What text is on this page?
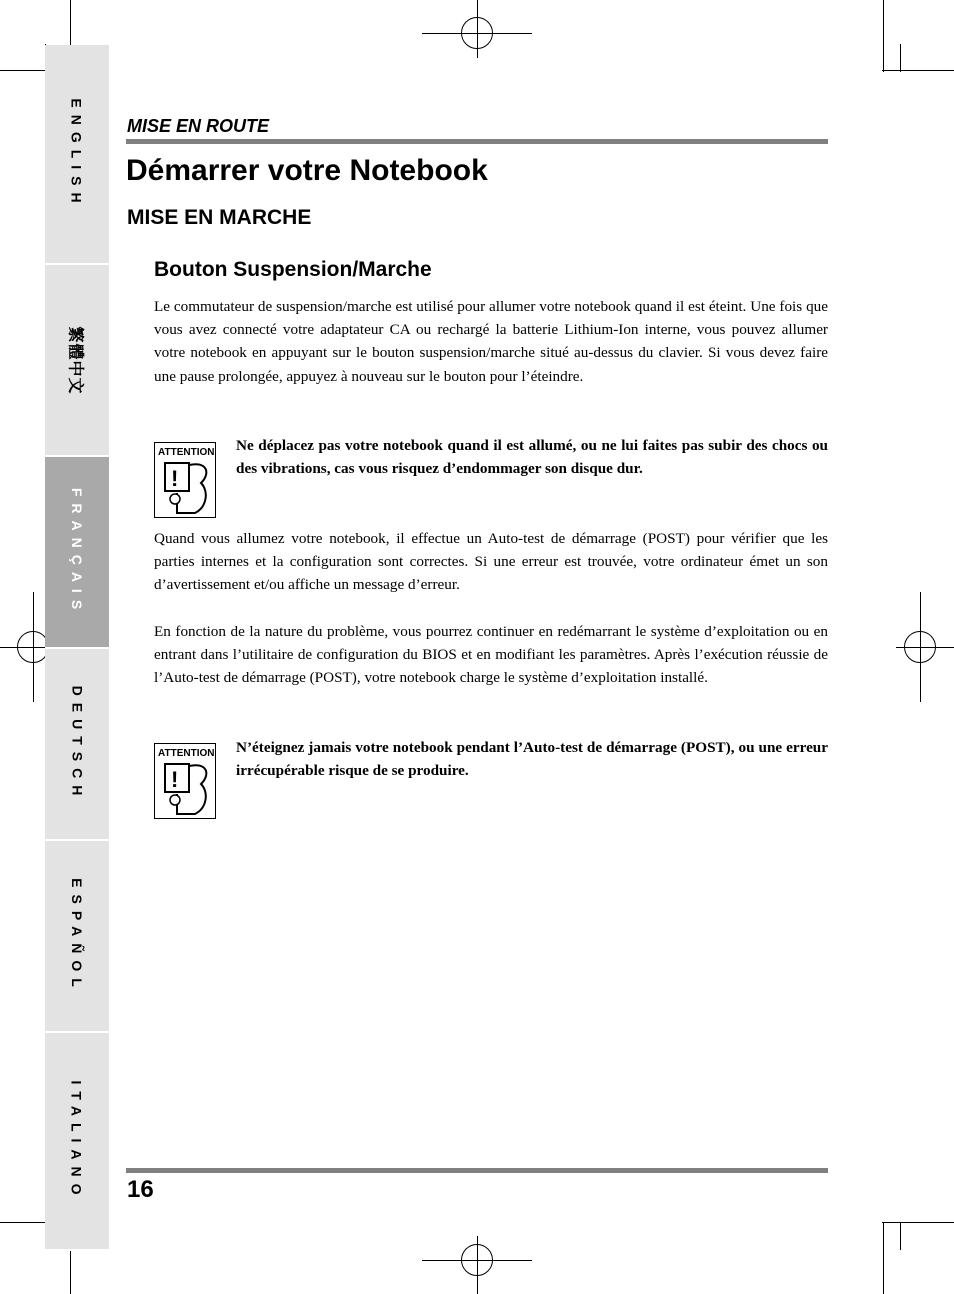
ENGLISH
繁體中文
FRANÇAIS
DEUTSCH
ESPAÑOL
ITALIANO
MISE EN ROUTE
Démarrer votre Notebook
MISE EN MARCHE
Bouton Suspension/Marche

Le commutateur de suspension/marche est utilisé pour allumer votre notebook quand il est éteint. Une fois que vous avez connecté votre adaptateur CA ou rechargé la batterie Lithium-Ion interne, vous pouvez allumer votre notebook en appuyant sur le bouton suspension/marche situé au-dessus du clavier. Si vous devez faire une pause prolongée, appuyez à nouveau sur le bouton pour l’éteindre.

ATTENTION
!

Ne déplacez pas votre notebook quand il est allumé, ou ne lui faites pas subir des chocs ou des vibrations, cas vous risquez d’endommager son disque dur.

Quand vous allumez votre notebook, il effectue un Auto-test de démarrage (POST) pour vérifier que les parties internes et la configuration sont correctes. Si une erreur est trouvée, votre ordinateur émet un son d’avertissement et/ou affiche un message d’erreur.

En fonction de la nature du problème, vous pourrez continuer en redémarrant le système d’exploitation ou en entrant dans l’utilitaire de configuration du BIOS et en modifiant les paramètres. Après l’exécution réussie de l’Auto-test de démarrage (POST), votre notebook charge le système d’exploitation installé.

ATTENTION
!

N’éteignez jamais votre notebook pendant l’Auto-test de démarrage (POST), ou une erreur irrécupérable risque de se produire.

16
